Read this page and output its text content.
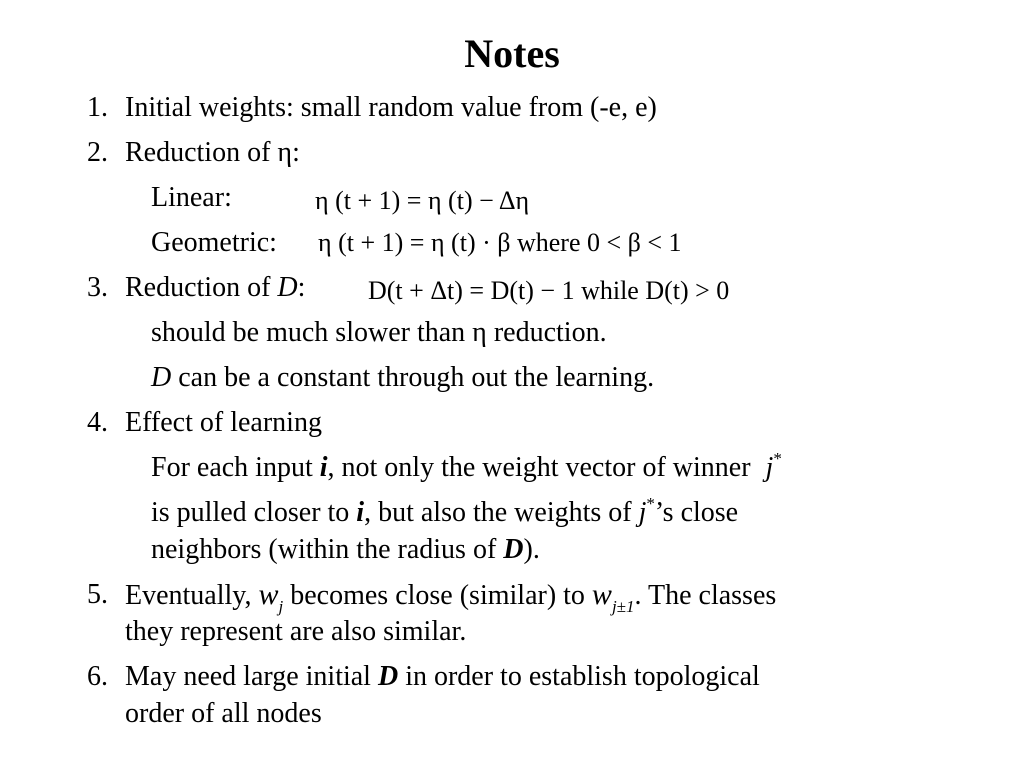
Notes
1. Initial weights: small random value from (-e, e)
2. Reduction of η:
Linear:	η (t + 1) = η (t) − Δη
Geometric: η (t + 1) = η (t) · β where 0 < β < 1
3. Reduction of D: D(t + Δt) = D(t) − 1 while D(t) > 0
should be much slower than η reduction.
D can be a constant through out the learning.
4. Effect of learning
For each input i, not only the weight vector of winner j*
is pulled closer to i, but also the weights of j*’s close
neighbors (within the radius of D).
5. Eventually, $w_j$ becomes close (similar) to $w_{j\pm 1}$. The classes
they represent are also similar.
6. May need large initial D in order to establish topological
order of all nodes
